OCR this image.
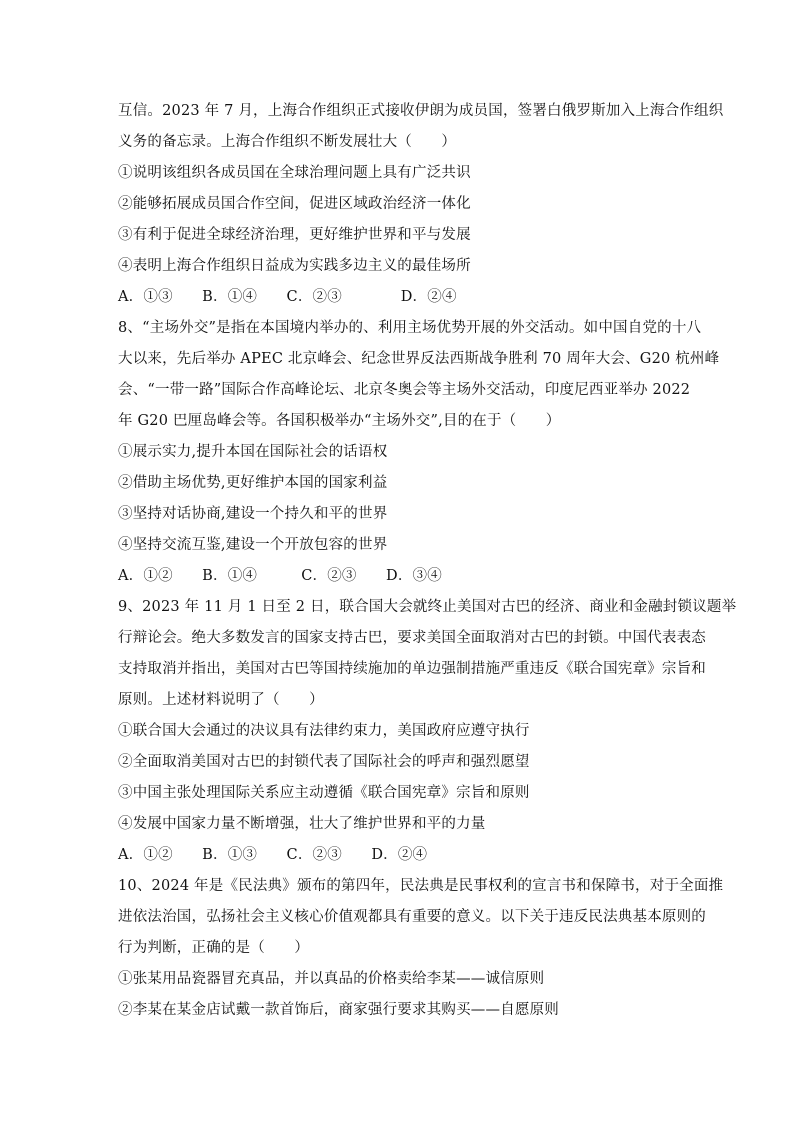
互信。2023 年 7 月，上海合作组织正式接收伊朗为成员国，签署白俄罗斯加入上海合作组织
义务的备忘录。上海合作组织不断发展壮大（　　）
①说明该组织各成员国在全球治理问题上具有广泛共识
②能够拓展成员国合作空间，促进区域政治经济一体化
③有利于促进全球经济治理，更好维护世界和平与发展
④表明上海合作组织日益成为实践多边主义的最佳场所
A．①③　　B．①④　　C．②③　　　　D．②④
8、“主场外交”是指在本国境内举办的、利用主场优势开展的外交活动。如中国自党的十八
大以来，先后举办 APEC 北京峰会、纪念世界反法西斯战争胜利 70 周年大会、G20 杭州峰
会、“一带一路”国际合作高峰论坛、北京冬奥会等主场外交活动，印度尼西亚举办 2022
年 G20 巴厘岛峰会等。各国积极举办“主场外交”,目的在于（　　）
①展示实力,提升本国在国际社会的话语权
②借助主场优势,更好维护本国的国家利益
③坚持对话协商,建设一个持久和平的世界
④坚持交流互鉴,建设一个开放包容的世界
A．①②　　B．①④　　　C．②③　　D．③④
9、2023 年 11 月 1 日至 2 日，联合国大会就终止美国对古巴的经济、商业和金融封锁议题举
行辩论会。绝大多数发言的国家支持古巴，要求美国全面取消对古巴的封锁。中国代表表态
支持取消并指出，美国对古巴等国持续施加的单边强制措施严重违反《联合国宪章》宗旨和
原则。上述材料说明了（　　）
①联合国大会通过的决议具有法律约束力，美国政府应遵守执行
②全面取消美国对古巴的封锁代表了国际社会的呼声和强烈愿望
③中国主张处理国际关系应主动遵循《联合国宪章》宗旨和原则
④发展中国家力量不断增强，壮大了维护世界和平的力量
A．①②　　B．①③　　C．②③　　D．②④
10、2024 年是《民法典》颁布的第四年，民法典是民事权利的宣言书和保障书，对于全面推
进依法治国，弘扬社会主义核心价值观都具有重要的意义。以下关于违反民法典基本原则的
行为判断，正确的是（　　）
①张某用品瓷器冒充真品，并以真品的价格卖给李某——诚信原则
②李某在某金店试戴一款首饰后，商家强行要求其购买——自愿原则
